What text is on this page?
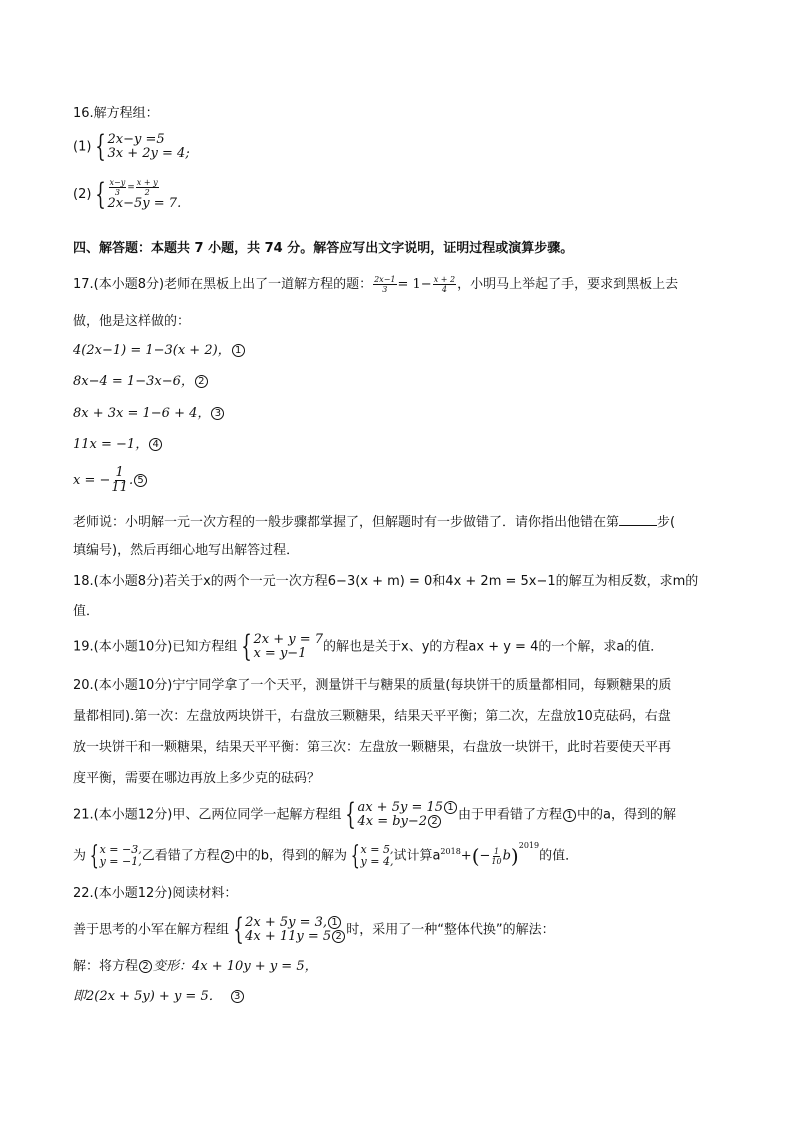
16.解方程组：
(1) { 2x−y =5
3x + 2y = 4;
(2) { $\frac{x-y}{3} = \frac{x + y}{2}$
2x−5y = 7.
四、解答题：本题共 7 小题，共 74 分。解答应写出文字说明，证明过程或演算步骤。
17.(本小题8分)老师在黑板上出了一道解方程的题： $\frac{2x-1}{3} = 1- \frac{x + 2}{4}$ ，小明马上举起了手，要求到黑板上去
做，他是这样做的：
4(2x−1) = 1−3(x + 2)， 1
8x−4 = 1−3x−6， 2
8x + 3x = 1−6 + 4， 3
11x = −1， 4
x = − $\frac{1}{11}$ . 5
老师说：小明解一元一次方程的一般步骤都掌握了，但解题时有一步做错了．请你指出他错在第	步(
填编号)，然后再细心地写出解答过程．
18.(本小题8分)若关于x的两个一元一次方程6−3(x + m) = 0和4x + 2m = 5x−1的解互为相反数，求m的
值．
19.(本小题10分)已知方程组 { 2x + y = 7
x = y−1	的解也是关于x、y的方程ax + y = 4的一个解，求a的值．
20.(本小题10分)宁宁同学拿了一个天平，测量饼干与糖果的质量(每块饼干的质量都相同，每颗糖果的质
量都相同).第一次：左盘放两块饼干，右盘放三颗糖果，结果天平平衡；第二次，左盘放10克砝码，右盘
放一块饼干和一颗糖果，结果天平平衡：第三次：左盘放一颗糖果，右盘放一块饼干，此时若要使天平再
度平衡，需要在哪边再放上多少克的砝码？
21.(本小题12分)甲、乙两位同学一起解方程组 { ax + 5y = 15 1
4x = by−2 2	由于甲看错了方程 1 中的a，得到的解
为 { x = −3,
y = −1, 乙看错了方程 2 中的b，得到的解为 { x = 5,
y = 4, 试计算$a^{2018}+(- \frac{1}{10} b)^{2019}$的值．
22.(本小题12分)阅读材料：
善于思考的小军在解方程组 { 2x + 5y = 3, 1
4x + 11y = 5 2 时，采用了一种“整体代换”的解法：
解：将方程 2 变形：4x + 10y + y = 5，
即2(2x + 5y) + y = 5． 3
